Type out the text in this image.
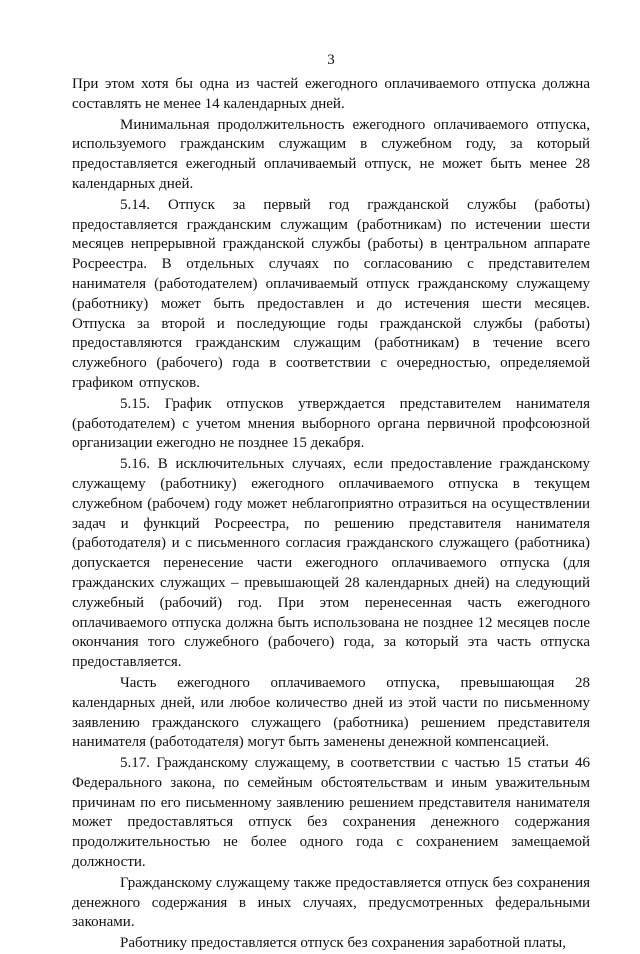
3

При этом хотя бы одна из частей ежегодного оплачиваемого отпуска должна составлять не менее 14 календарных дней.

Минимальная продолжительность ежегодного оплачиваемого отпуска, используемого гражданским служащим в служебном году, за который предоставляется ежегодный оплачиваемый отпуск, не может быть менее 28 календарных дней.

5.14. Отпуск за первый год гражданской службы (работы) предоставляется гражданским служащим (работникам) по истечении шести месяцев непрерывной гражданской службы (работы) в центральном аппарате Росреестра. В отдельных случаях по согласованию с представителем нанимателя (работодателем) оплачиваемый отпуск гражданскому служащему (работнику) может быть предоставлен и до истечения шести месяцев. Отпуска за второй и последующие годы гражданской службы (работы) предоставляются гражданским служащим (работникам) в течение всего служебного (рабочего) года в соответствии с очередностью, определяемой графиком отпусков.

5.15. График отпусков утверждается представителем нанимателя (работодателем) с учетом мнения выборного органа первичной профсоюзной организации ежегодно не позднее 15 декабря.

5.16. В исключительных случаях, если предоставление гражданскому служащему (работнику) ежегодного оплачиваемого отпуска в текущем служебном (рабочем) году может неблагоприятно отразиться на осуществлении задач и функций Росреестра, по решению представителя нанимателя (работодателя) и с письменного согласия гражданского служащего (работника) допускается перенесение части ежегодного оплачиваемого отпуска (для гражданских служащих – превышающей 28 календарных дней) на следующий служебный (рабочий) год. При этом перенесенная часть ежегодного оплачиваемого отпуска должна быть использована не позднее 12 месяцев после окончания того служебного (рабочего) года, за который эта часть отпуска предоставляется.

Часть ежегодного оплачиваемого отпуска, превышающая 28 календарных дней, или любое количество дней из этой части по письменному заявлению гражданского служащего (работника) решением представителя нанимателя (работодателя) могут быть заменены денежной компенсацией.

5.17. Гражданскому служащему, в соответствии с частью 15 статьи 46 Федерального закона, по семейным обстоятельствам и иным уважительным причинам по его письменному заявлению решением представителя нанимателя может предоставляться отпуск без сохранения денежного содержания продолжительностью не более одного года с сохранением замещаемой должности.

Гражданскому служащему также предоставляется отпуск без сохранения денежного содержания в иных случаях, предусмотренных федеральными законами.

Работнику предоставляется отпуск без сохранения заработной платы,
